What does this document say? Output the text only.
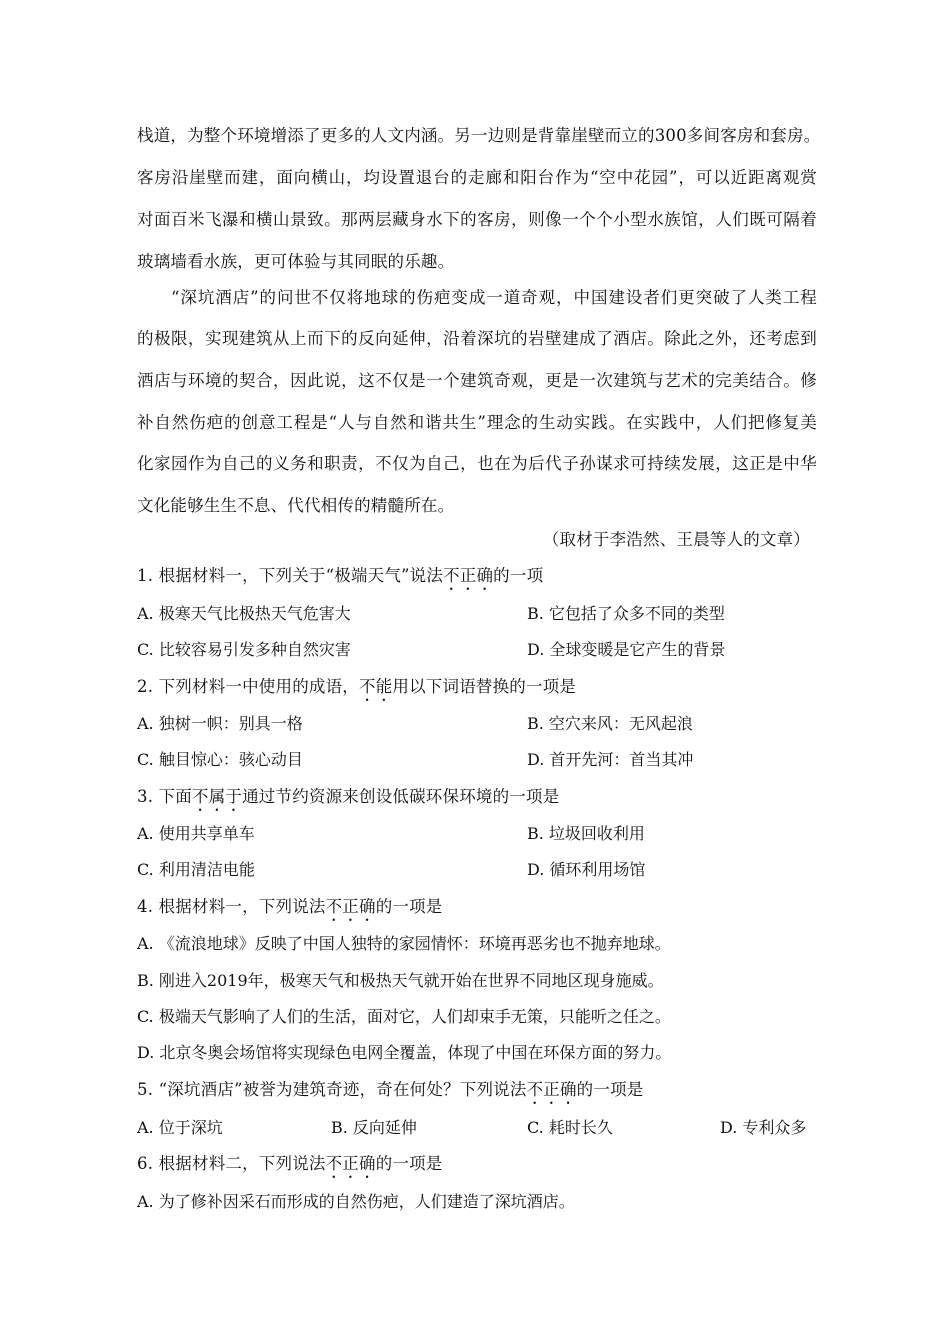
栈道，为整个环境增添了更多的人文内涵。另一边则是背靠崖壁而立的300多间客房和套房。
客房沿崖壁而建，面向横山，均设置退台的走廊和阳台作为“空中花园”，可以近距离观赏
对面百米飞瀑和横山景致。那两层藏身水下的客房，则像一个个小型水族馆，人们既可隔着
玻璃墙看水族，更可体验与其同眠的乐趣。
“深坑酒店”的问世不仅将地球的伤疤变成一道奇观，中国建设者们更突破了人类工程
的极限，实现建筑从上而下的反向延伸，沿着深坑的岩壁建成了酒店。除此之外，还考虑到
酒店与环境的契合，因此说，这不仅是一个建筑奇观，更是一次建筑与艺术的完美结合。修
补自然伤疤的创意工程是“人与自然和谐共生”理念的生动实践。在实践中，人们把修复美
化家园作为自己的义务和职责，不仅为自己，也在为后代子孙谋求可持续发展，这正是中华
文化能够生生不息、代代相传的精髓所在。
（取材于李浩然、王晨等人的文章）
1. 根据材料一，下列关于“极端天气”说法不正确的一项
A. 极寒天气比极热天气危害大	B. 它包括了众多不同的类型
C. 比较容易引发多种自然灾害	D. 全球变暖是它产生的背景
2. 下列材料一中使用的成语，不能用以下词语替换的一项是
A. 独树一帜：别具一格	B. 空穴来风：无风起浪
C. 触目惊心：骇心动目	D. 首开先河：首当其冲
3. 下面不属于通过节约资源来创设低碳环保环境的一项是
A. 使用共享单车	B. 垃圾回收利用
C. 利用清洁电能	D. 循环利用场馆
4. 根据材料一，下列说法不正确的一项是
A. 《流浪地球》反映了中国人独特的家园情怀：环境再恶劣也不抛弃地球。
B. 刚进入2019年，极寒天气和极热天气就开始在世界不同地区现身施威。
C. 极端天气影响了人们的生活，面对它，人们却束手无策，只能听之任之。
D. 北京冬奥会场馆将实现绿色电网全覆盖，体现了中国在环保方面的努力。
5. “深坑酒店”被誉为建筑奇迹，奇在何处？下列说法不正确的一项是
A. 位于深坑	B. 反向延伸	C. 耗时长久	D. 专利众多
6. 根据材料二，下列说法不正确的一项是
A. 为了修补因采石而形成的自然伤疤，人们建造了深坑酒店。
